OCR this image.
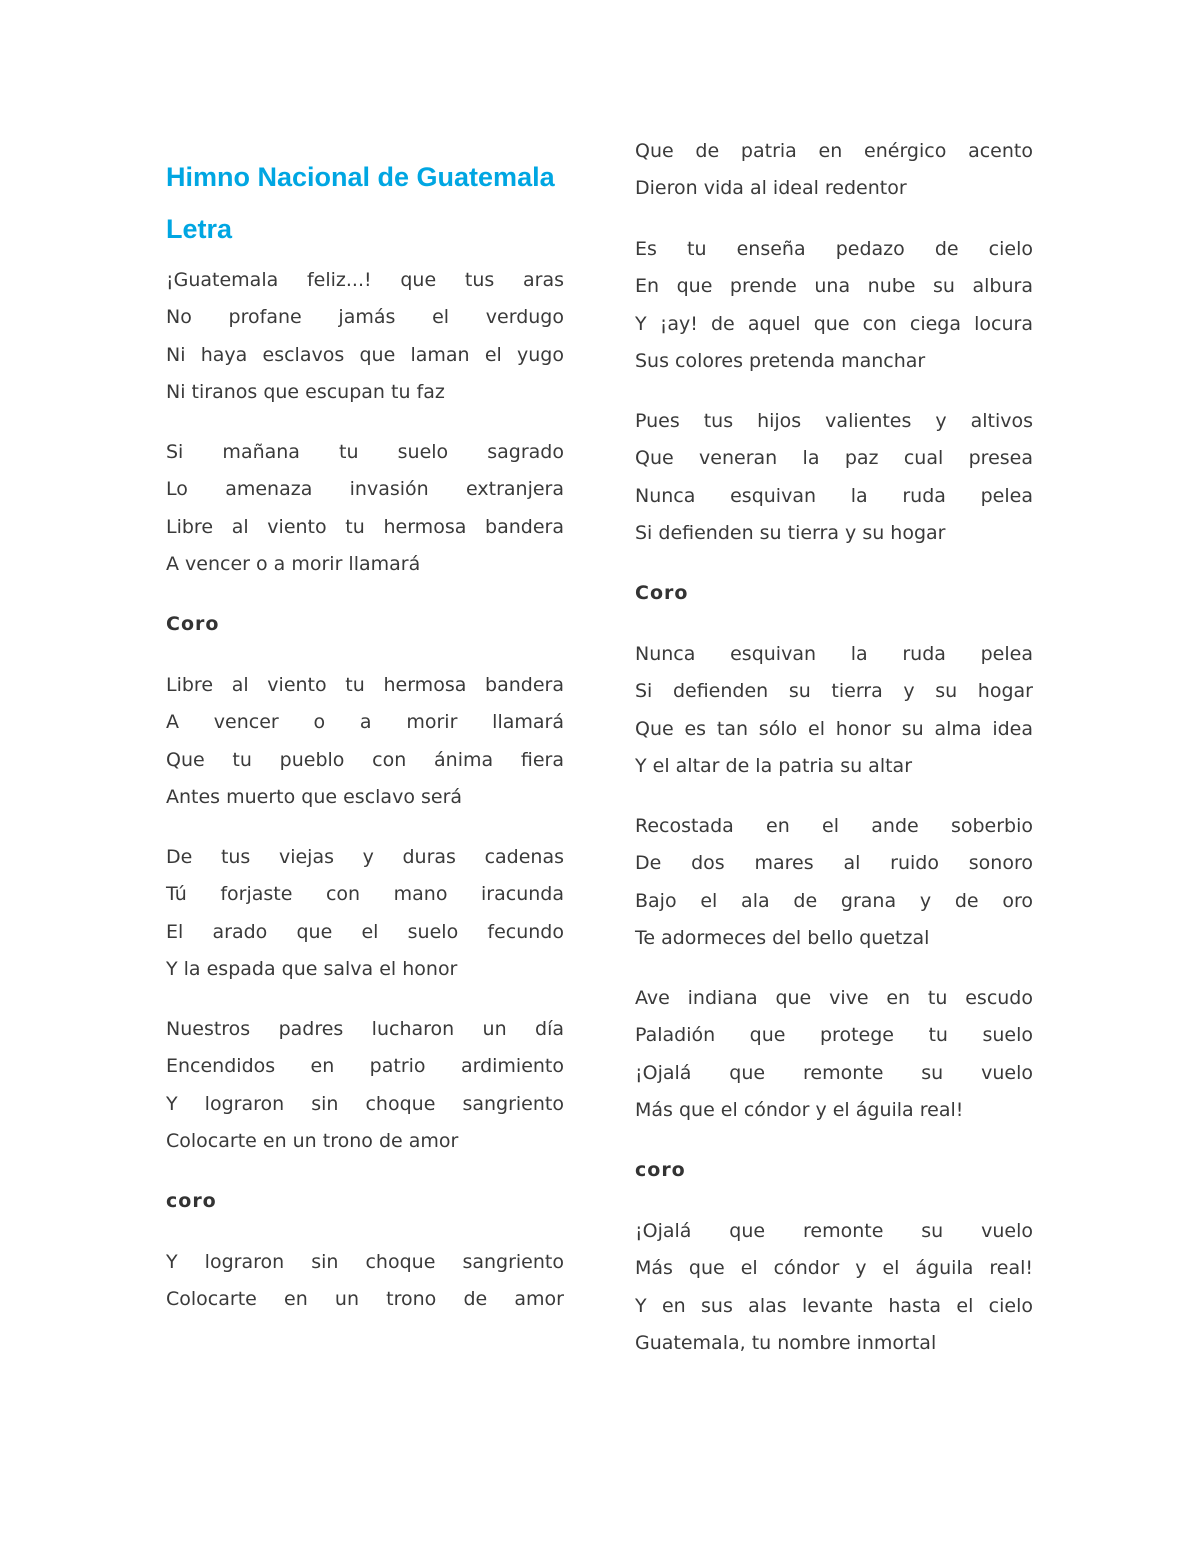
Himno Nacional de Guatemala
Letra
¡Guatemala feliz...! que tus aras
No profane jamás el verdugo
Ni haya esclavos que laman el yugo
Ni tiranos que escupan tu faz
Si mañana tu suelo sagrado
Lo amenaza invasión extranjera
Libre al viento tu hermosa bandera
A vencer o a morir llamará
Coro
Libre al viento tu hermosa bandera
A vencer o a morir llamará
Que tu pueblo con ánima fiera
Antes muerto que esclavo será
De tus viejas y duras cadenas
Tú forjaste con mano iracunda
El arado que el suelo fecundo
Y la espada que salva el honor
Nuestros padres lucharon un día
Encendidos en patrio ardimiento
Y lograron sin choque sangriento
Colocarte en un trono de amor
coro
Y lograron sin choque sangriento
Colocarte en un trono de amor
Que de patria en enérgico acento
Dieron vida al ideal redentor
Es tu enseña pedazo de cielo
En que prende una nube su albura
Y ¡ay! de aquel que con ciega locura
Sus colores pretenda manchar
Pues tus hijos valientes y altivos
Que veneran la paz cual presea
Nunca esquivan la ruda pelea
Si defienden su tierra y su hogar
Coro
Nunca esquivan la ruda pelea
Si defienden su tierra y su hogar
Que es tan sólo el honor su alma idea
Y el altar de la patria su altar
Recostada en el ande soberbio
De dos mares al ruido sonoro
Bajo el ala de grana y de oro
Te adormeces del bello quetzal
Ave indiana que vive en tu escudo
Paladión que protege tu suelo
¡Ojalá que remonte su vuelo
Más que el cóndor y el águila real!
coro
¡Ojalá que remonte su vuelo
Más que el cóndor y el águila real!
Y en sus alas levante hasta el cielo
Guatemala, tu nombre inmortal
